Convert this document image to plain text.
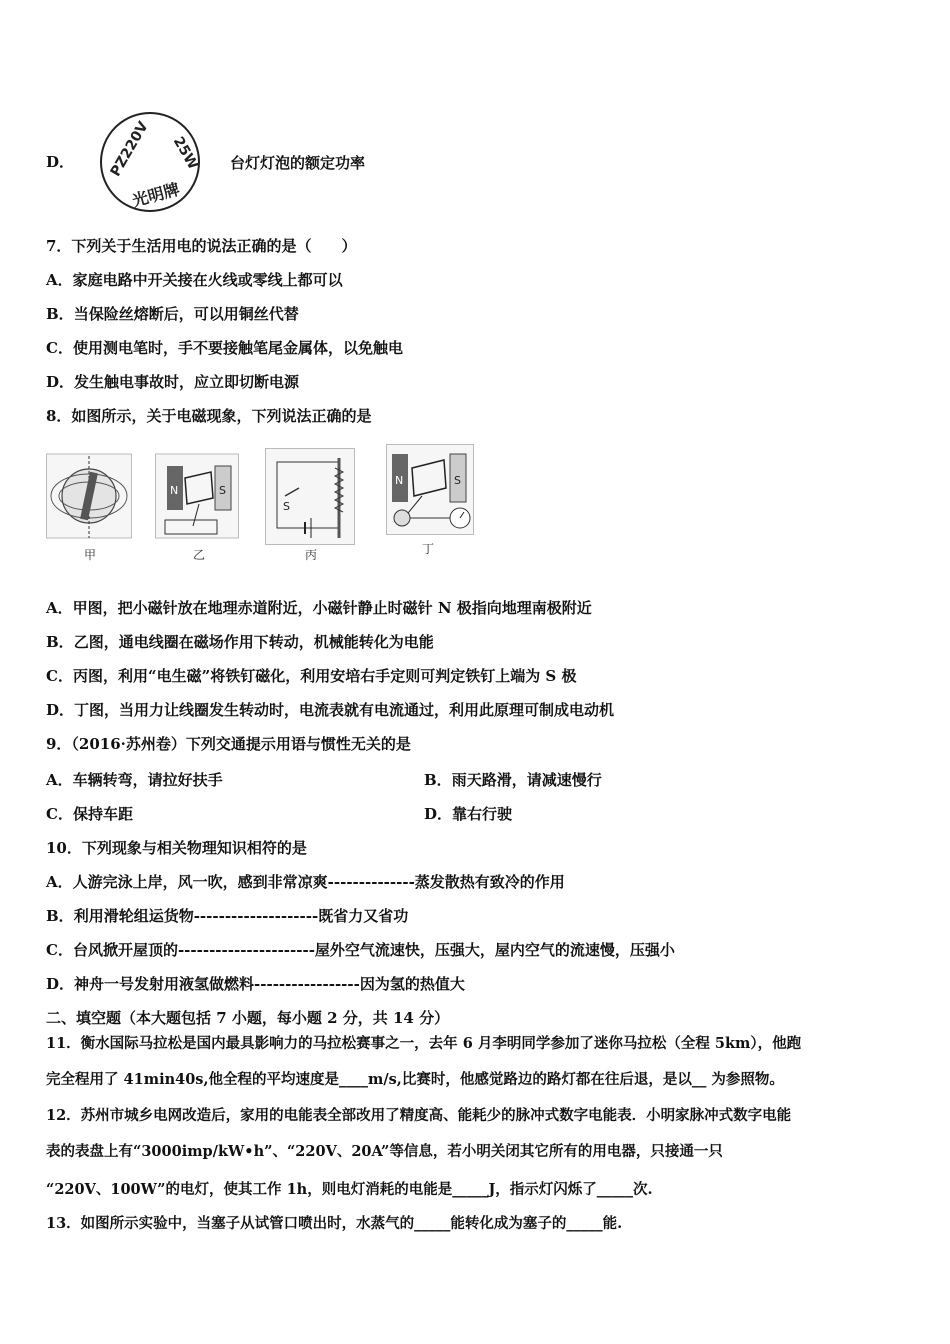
D． PZ220V 25W
光明牌
台灯灯泡的额定功率
7．下列关于生活用电的说法正确的是（　　）
A．家庭电路中开关接在火线或零线上都可以
B．当保险丝熔断后，可以用铜丝代替
C．使用测电笔时，手不要接触笔尾金属体，以免触电
D．发生触电事故时，应立即切断电源
8．如图所示，关于电磁现象，下列说法正确的是
甲
N	S
乙
S
丙
N	S
丁
A．甲图，把小磁针放在地理赤道附近，小磁针静止时磁针 N 极指向地理南极附近
B．乙图，通电线圈在磁场作用下转动，机械能转化为电能
C．丙图，利用“电生磁”将铁钉磁化，利用安培右手定则可判定铁钉上端为 S 极
D．丁图，当用力让线圈发生转动时，电流表就有电流通过，利用此原理可制成电动机
9．（2016·苏州卷）下列交通提示用语与惯性无关的是
A．车辆转弯，请拉好扶手	B．雨天路滑，请减速慢行
C．保持车距	D．靠右行驶
10．下列现象与相关物理知识相符的是
A．人游完泳上岸，风一吹，感到非常凉爽--------------蒸发散热有致冷的作用
B．利用滑轮组运货物--------------------既省力又省功
C．台风掀开屋顶的----------------------屋外空气流速快，压强大，屋内空气的流速慢，压强小
D．神舟一号发射用液氢做燃料-----------------因为氢的热值大
二、填空题（本大题包括 7 小题，每小题 2 分，共 14 分）
11．衡水国际马拉松是国内最具影响力的马拉松赛事之一，去年 6 月李明同学参加了迷你马拉松（全程 5km），他跑
完全程用了 41min40s,他全程的平均速度是____m/s,比赛时，他感觉路边的路灯都在往后退，是以__ 为参照物。
12．苏州市城乡电网改造后，家用的电能表全部改用了精度高、能耗少的脉冲式数字电能表．小明家脉冲式数字电能
表的表盘上有“3000imp/kW•h”、“220V、20A”等信息，若小明关闭其它所有的用电器，只接通一只
“220V、100W”的电灯，使其工作 1h，则电灯消耗的电能是_____J，指示灯闪烁了_____次.
13．如图所示实验中，当塞子从试管口喷出时，水蒸气的_____能转化成为塞子的_____能.
